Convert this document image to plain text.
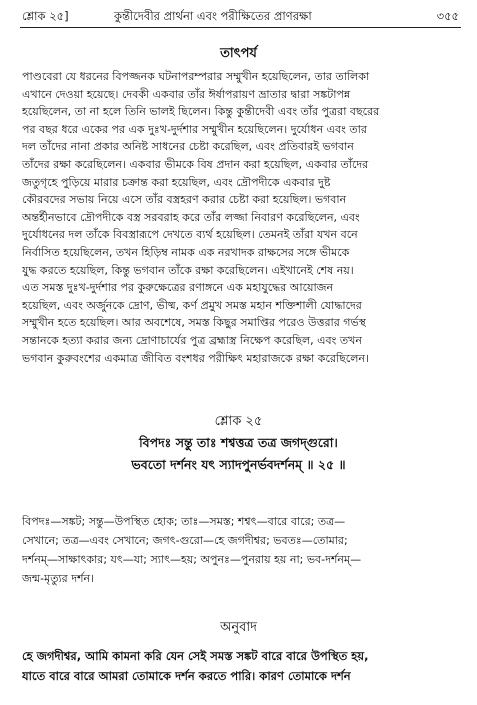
শ্লোক ২৫]	কুন্তীদেবীর প্রার্থনা এবং পরীক্ষিতের প্রাণরক্ষা	৩৫৫
তাৎপর্য
পাণ্ডবেরা যে ধরনের বিপজ্জনক ঘটনাপরম্পরার সম্মুখীন হয়েছিলেন, তার তালিকা
এখানে দেওয়া হয়েছে। দেবকী একবার তাঁর ঈর্ষাপরায়ণ ভ্রাতার দ্বারা সঙ্কটাপন্ন
হয়েছিলেন, তা না হলে তিনি ভালই ছিলেন। কিন্তু কুন্তীদেবী এবং তাঁর পুত্ররা বছরের
পর বছর ধরে একের পর এক দুঃখ-দুর্দশার সম্মুখীন হয়েছিলেন। দুর্যোধন এবং তার
দল তাঁদের নানা প্রকার অনিষ্ট সাধনের চেষ্টা করেছিল, এবং প্রতিবারই ভগবান
তাঁদের রক্ষা করেছিলেন। একবার ভীমকে বিষ প্রদান করা হয়েছিল, একবার তাঁদের
জতুগৃহে পুড়িয়ে মারার চক্রান্ত করা হয়েছিল, এবং দ্রৌপদীকে একবার দুষ্ট
কৌরবদের সভায় নিয়ে এসে তাঁর বস্ত্রহরণ করার চেষ্টা করা হয়েছিল। ভগবান
অন্তর্হীনভাবে দ্রৌপদীকে বস্ত্র সরবরাহ করে তাঁর লজ্জা নিবারণ করেছিলেন, এবং
দুর্যোধনের দল তাঁকে বিবস্ত্রারূপে দেখতে ব্যর্থ হয়েছিল। তেমনই তাঁরা যখন বনে
নির্বাসিত হয়েছিলেন, তখন হিড়িম্ব নামক এক নরখাদক রাক্ষসের সঙ্গে ভীমকে
যুদ্ধ করতে হয়েছিল, কিন্তু ভগবান তাঁকে রক্ষা করেছিলেন। এইখানেই শেষ নয়।
এত সমস্ত দুঃখ-দুর্দশার পর কুরুক্ষেত্রের রণাঙ্গনে এক মহাযুদ্ধের আয়োজন
হয়েছিল, এবং অর্জুনকে দ্রোণ, ভীষ্ম, কর্ণ প্রমুখ সমস্ত মহান শক্তিশালী যোদ্ধাদের
সম্মুখীন হতে হয়েছিল। আর অবশেষে, সমস্ত কিছুর সমাপ্তির পরেও উত্তরার গর্ভস্থ
সন্তানকে হত্যা করার জন্য দ্রোণাচার্যের পুত্র ব্রহ্মাস্ত্র নিক্ষেপ করেছিল, এবং তখন
ভগবান কুরুবংশের একমাত্র জীবিত বংশধর পরীক্ষিৎ মহারাজকে রক্ষা করেছিলেন।
শ্লোক ২৫
বিপদঃ সন্তু তাঃ শশ্বত্তত্র তত্র জগদ্গুরো।
ভবতো দর্শনং যৎ স্যাদপুনর্ভবদর্শনম্ ॥ ২৫ ॥
বিপদঃ—সঙ্কট; সন্তু—উপস্থিত হোক; তাঃ—সমস্ত; শশ্বৎ—বারে বারে; তত্র—
সেখানে; তত্র—এবং সেখানে; জগৎ-গুরো—হে জগদীশ্বর; ভবতঃ—তোমার;
দর্শনম্—সাক্ষাৎকার; যৎ—যা; স্যাৎ—হয়; অপুনঃ—পুনরায় হয় না; ভব-দর্শনম্—
জন্ম-মৃত্যুর দর্শন।
অনুবাদ
হে জগদীশ্বর, আমি কামনা করি যেন সেই সমস্ত সঙ্কট বারে বারে উপস্থিত হয়,
যাতে বারে বারে আমরা তোমাকে দর্শন করতে পারি। কারণ তোমাকে দর্শন
